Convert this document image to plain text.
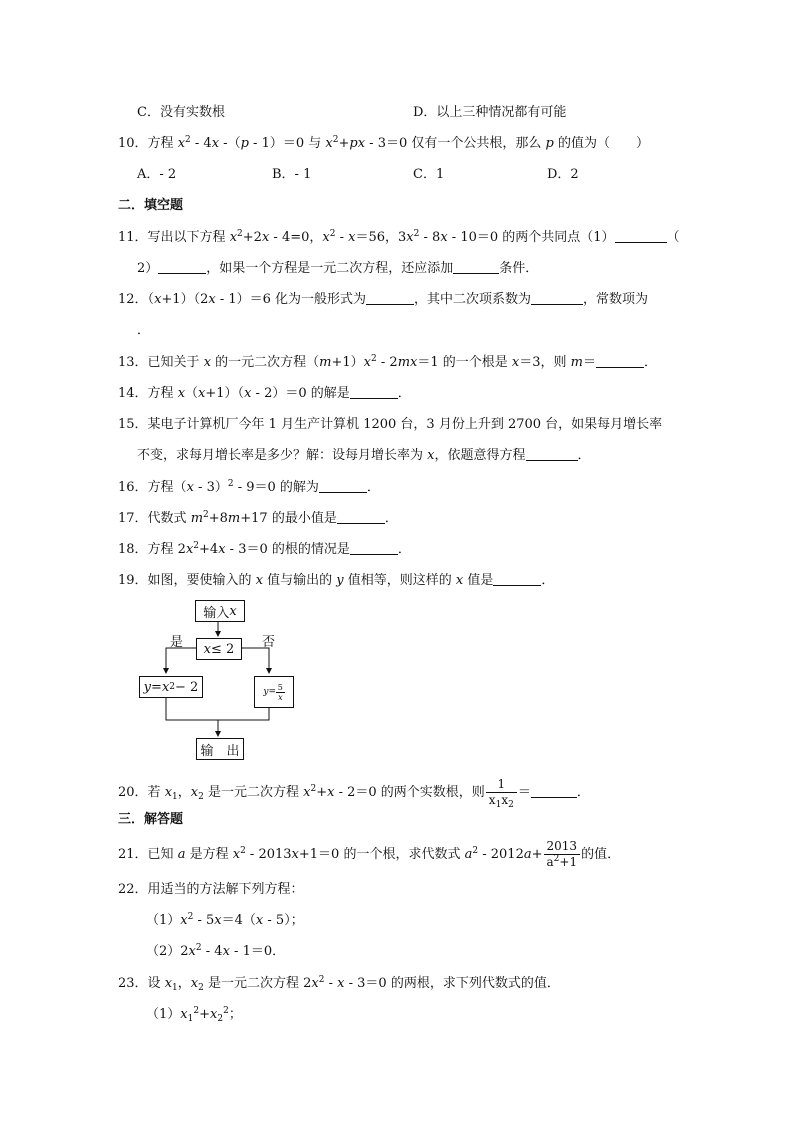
C．没有实数根	D．以上三种情况都有可能
10．方程 $x^2 - 4x$ -（p - 1）＝0 与 $x^2+px - 3=0$ 仅有一个公共根，那么 p 的值为（　　）
A．- 2	B．- 1	C．1	D．2
二．填空题
11．写出以下方程 $x^2+2x - 4=0$，$x^2 - x=56$，$3x^2 - 8x - 10=0$ 的两个共同点（1）	（
2）	，如果一个方程是一元二次方程，还应添加	条件．
12．（x+1）（2x - 1）＝6 化为一般形式为	，其中二次项系数为	，常数项为
．
13．已知关于 x 的一元二次方程$(m+1)x^2 - 2mx=1$ 的一个根是 x＝3，则 m＝	．
14．方程 x（x+1）（x - 2）＝0 的解是	．
15．某电子计算机厂今年 1 月生产计算机 1200 台，3 月份上升到 2700 台，如果每月增长率
不变，求每月增长率是多少？解：设每月增长率为 x，依题意得方程	．
16．方程（x - 3）$^2$ - 9＝0 的解为	．
17．代数式 $m^2+8m+17$ 的最小值是	．
18．方程 $2x^2+4x - 3=0$ 的根的情况是	．
19．如图，要使输入的 x 值与输出的 y 值相等，则这样的 x 值是	．
输入 x
x ≤ 2
是	否
y = x 2 − 2	$y = \frac{5}{x}$
输　出
20．若 $x_1$，$x_2$ 是一元二次方程 $x^2+x - 2=0$ 的两个实数根，则 $\frac{1}{x_1x_2}$ ＝	．
三．解答题
21．已知 a 是方程 $x^2 - 2013x+1=0$ 的一个根，求代数式 $a^2 - 2012a+ \frac{2013}{a^2+1}$ 的值．
22．用适当的方法解下列方程：
$(1)x^2 - 5x=4(x - 5)$；
$(2)2x^2 - 4x - 1=0$．
23．设 $x_1$，$x_2$ 是一元二次方程 $2x^2 - x - 3=0$ 的两根，求下列代数式的值．
$(1)x_1^2+x_2^2$；
